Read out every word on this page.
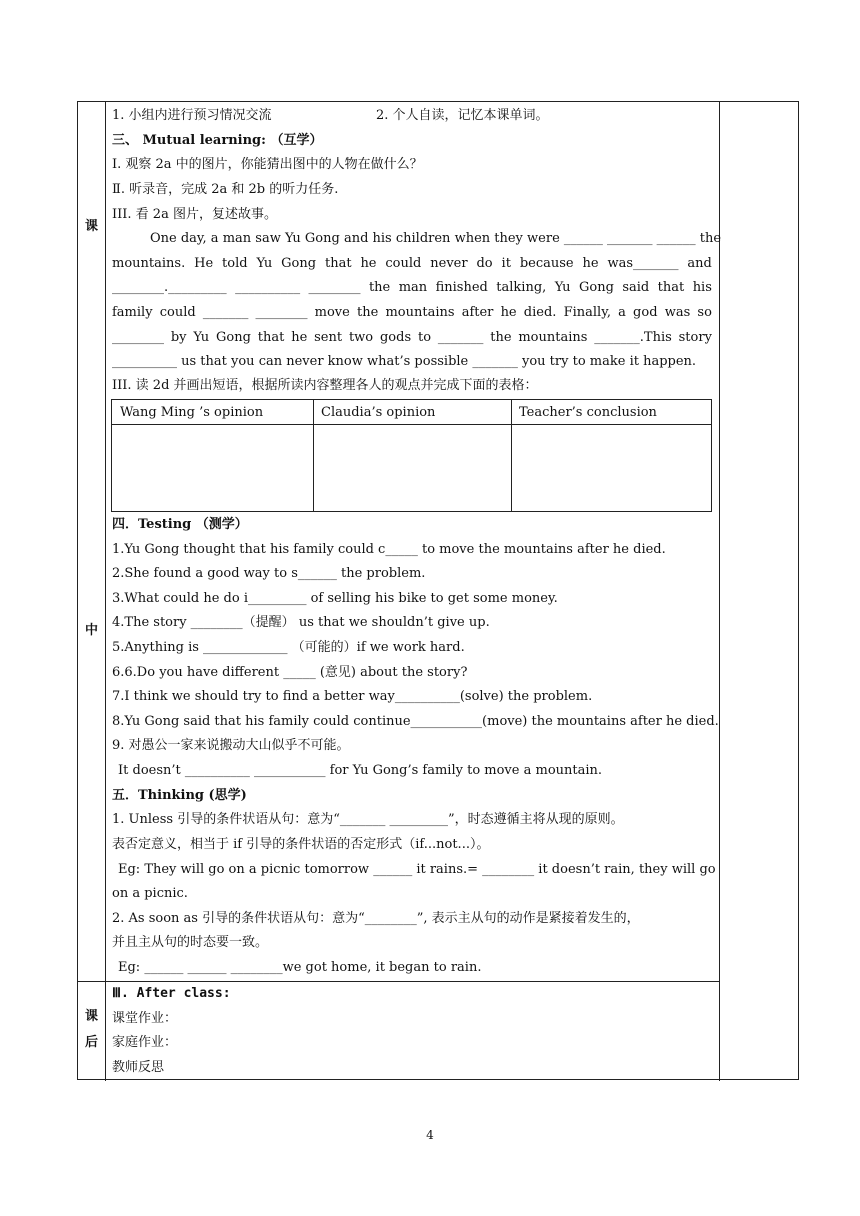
课
中
课
后
1. 小组内进行预习情况交流	2. 个人自读，记忆本课单词。
三、 Mutual learning: （互学）
Ⅰ. 观察 2a 中的图片，你能猜出图中的人物在做什么？
Ⅱ. 听录音，完成 2a 和 2b 的听力任务.
III. 看 2a 图片，复述故事。
One day, a man saw Yu Gong and his children when they were ______ _______ ______ the
mountains. He told Yu Gong that he could never do it because he was_______ and
________._________ __________ ________ the man finished talking, Yu Gong said that his
family could _______ ________ move the mountains after he died. Finally, a god was so
________ by Yu Gong that he sent two gods to _______ the mountains _______.This story
__________ us that you can never know what’s possible _______ you try to make it happen.
III. 读 2d 并画出短语，根据所读内容整理各人的观点并完成下面的表格：
Wang Ming ’s opinion	Claudia’s opinion	Teacher’s conclusion
四．Testing （测学）
1.Yu Gong thought that his family could c_____ to move the mountains after he died.
2.She found a good way to s______ the problem.
3.What could he do i_________ of selling his bike to get some money.
4.The story ________（提醒） us that we shouldn’t give up.
5.Anything is _____________ （可能的）if we work hard.
6.6.Do you have different _____ (意见) about the story?
7.I think we should try to find a better way__________(solve) the problem.
8.Yu Gong said that his family could continue___________(move) the mountains after he died.
9. 对愚公一家来说搬动大山似乎不可能。
It doesn’t __________ ___________ for Yu Gong’s family to move a mountain.
五．Thinking (思学)
1. Unless 引导的条件状语从句：意为“_______ _________”，时态遵循主将从现的原则。
表否定意义，相当于 if 引导的条件状语的否定形式（if...not...）。
Eg: They will go on a picnic tomorrow ______ it rains.= ________ it doesn’t rain, they will go
on a picnic.
2. As soon as 引导的条件状语从句：意为“________”, 表示主从句的动作是紧接着发生的，
并且主从句的时态要一致。
Eg: ______ ______ ________we got home, it began to rain.
Ⅲ. After class:
课堂作业：
家庭作业：
教师反思
4
